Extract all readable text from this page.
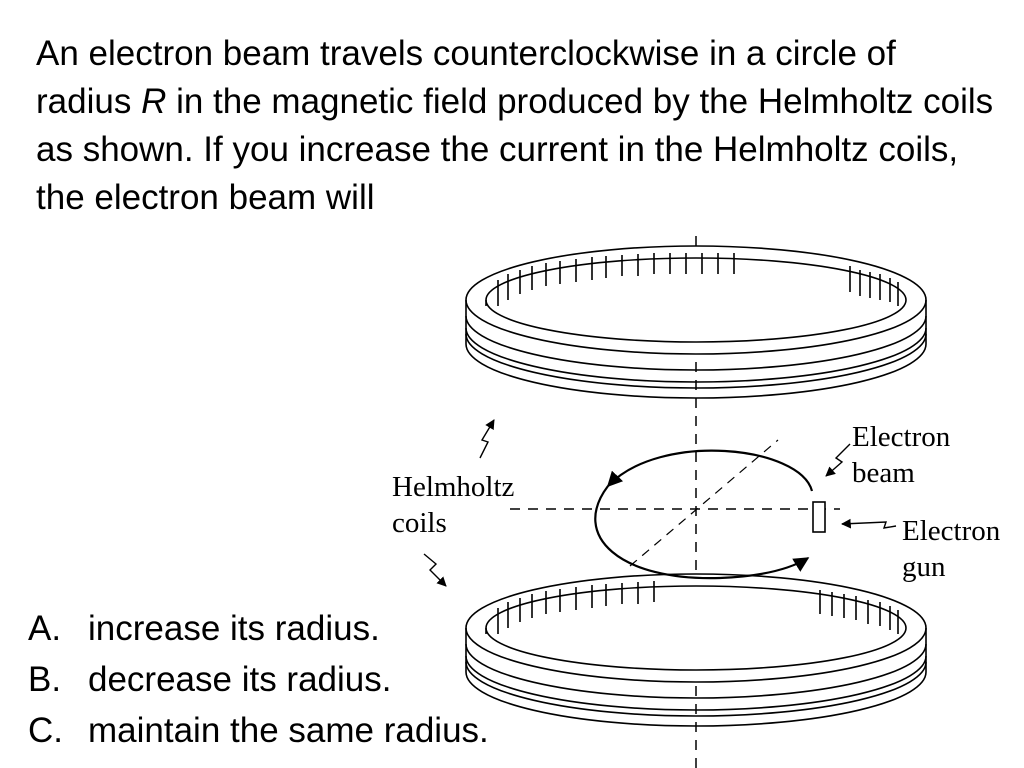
An electron beam travels counterclockwise in a circle of radius R in the magnetic field produced by the Helmholtz coils as shown. If you increase the current in the Helmholtz coils, the electron beam will

Helmholtz
coils
Electron
beam
Electron
gun
A. increase its radius.
B. decrease its radius.
C. maintain the same radius.
